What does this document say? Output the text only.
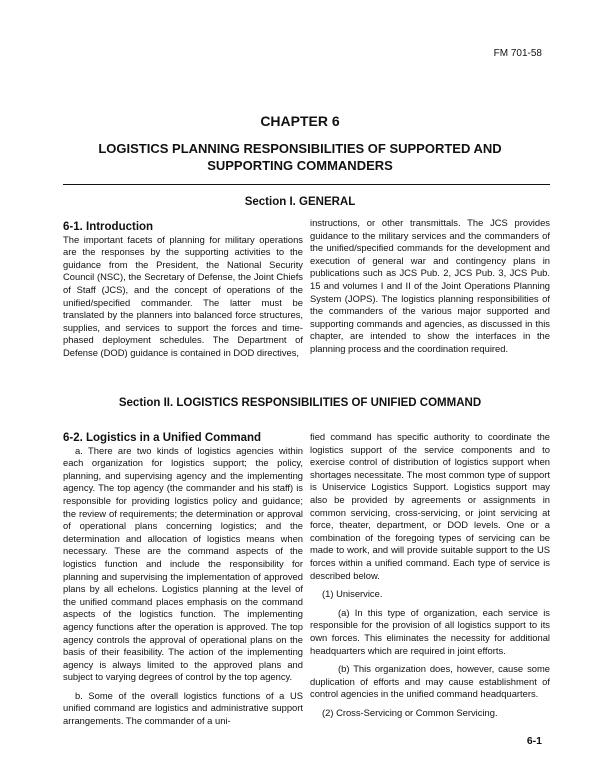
FM 701-58
CHAPTER 6
LOGISTICS PLANNING RESPONSIBILITIES OF SUPPORTED AND SUPPORTING COMMANDERS
Section I. GENERAL

6-1. Introduction

The important facets of planning for military operations are the responses by the supporting activities to the guidance from the President, the National Security Council (NSC), the Secretary of Defense, the Joint Chiefs of Staff (JCS), and the concept of operations of the unified/specified commander. The latter must be translated by the planners into balanced force structures, supplies, and services to support the forces and time-phased deployment schedules. The Department of Defense (DOD) guidance is contained in DOD directives,

instructions, or other transmittals. The JCS provides guidance to the military services and the commanders of the unified/specified commands for the development and execution of general war and contingency plans in publications such as JCS Pub. 2, JCS Pub. 3, JCS Pub. 15 and volumes I and II of the Joint Operations Planning System (JOPS). The logistics planning responsibilities of the commanders of the various major supported and supporting commands and agencies, as discussed in this chapter, are intended to show the interfaces in the planning process and the coordination required.

Section II. LOGISTICS RESPONSIBILITIES OF UNIFIED COMMAND

6-2. Logistics in a Unified Command

a. There are two kinds of logistics agencies within each organization for logistics support; the policy, planning, and supervising agency and the implementing agency. The top agency (the commander and his staff) is responsible for providing logistics policy and guidance; the review of requirements; the determination or approval of operational plans concerning logistics; and the determination and allocation of logistics means when necessary. These are the command aspects of the logistics function and include the responsibility for planning and supervising the implementation of approved plans by all echelons. Logistics planning at the level of the unified command places emphasis on the command aspects of the logistics function. The implementing agency functions after the operation is approved. The top agency controls the approval of operational plans on the basis of their feasibility. The action of the implementing agency is always limited to the approved plans and subject to varying degrees of control by the top agency.

b. Some of the overall logistics functions of a US unified command are logistics and administrative support arrangements. The commander of a uni-

fied command has specific authority to coordinate the logistics support of the service components and to exercise control of distribution of logistics support when shortages necessitate. The most common type of support is Uniservice Logistics Support. Logistics support may also be provided by agreements or assignments in common servicing, cross-servicing, or joint servicing at force, theater, department, or DOD levels. One or a combination of the foregoing types of servicing can be made to work, and will provide suitable support to the US forces within a unified command. Each type of service is described below.

(1) Uniservice.

(a) In this type of organization, each service is responsible for the provision of all logistics support to its own forces. This eliminates the necessity for additional headquarters which are required in joint efforts.

(b) This organization does, however, cause some duplication of efforts and may cause establishment of control agencies in the unified command headquarters.

(2) Cross-Servicing or Common Servicing.

6-1
